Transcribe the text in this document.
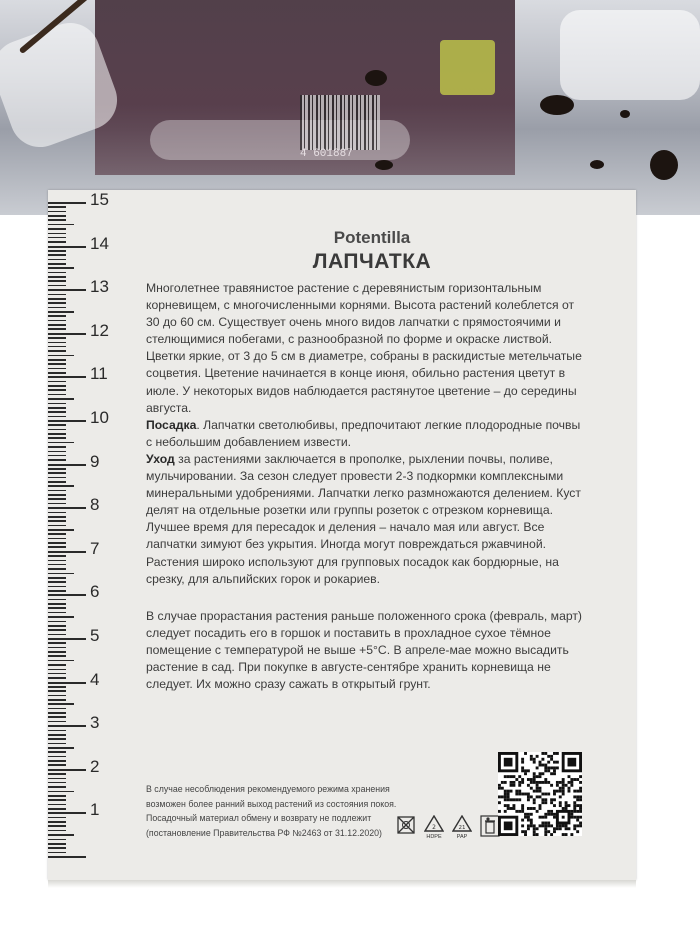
4 601887
15
14
13
12
11
10
9
8
7
6
5
4
3
2
1
Potentilla
ЛАПЧАТКА

Многолетнее травянистое растение с деревянистым горизонтальным корневищем, с многочисленными корнями. Высота растений колеблется от 30 до 60 см. Существует очень много видов лапчатки с прямостоячими и стелющимися побегами, с разнообразной по форме и окраске листвой. Цветки яркие, от 3 до 5 см в диаметре, собраны в раскидистые метельчатые соцветия. Цветение начинается в конце июня, обильно растения цветут в июле. У некоторых видов наблюдается растянутое цветение – до середины августа.

Посадка. Лапчатки светолюбивы, предпочитают легкие плодородные почвы с небольшим добавлением извести.

Уход за растениями заключается в прополке, рыхлении почвы, поливе, мульчировании. За сезон следует провести 2-3 подкормки комплексными минеральными удобрениями. Лапчатки легко размножаются делением. Куст делят на отдельные розетки или группы розеток с отрезком корневища. Лучшее время для пересадок и деления – начало мая или август. Все лапчатки зимуют без укрытия. Иногда могут повреждаться ржавчиной.

Растения широко используют для групповых посадок как бордюрные, на срезку, для альпийских горок и рокариев.

В случае прорастания растения раньше положенного срока (февраль, март) следует посадить его в горшок и поставить в прохладное сухое тёмное помещение с температурой не выше +5°С. В апреле-мае можно высадить растение в сад. При покупке в августе-сентябре хранить корневища не следует. Их можно сразу сажать в открытый грунт.

В случае несоблюдения рекомендуемого режима хранения

возможен более ранний выход растений из состояния покоя.

Посадочный материал обмену и возврату не подлежит

(постановление Правительства РФ №2463 от 31.12.2020)	2
HDPE
21
PAP
